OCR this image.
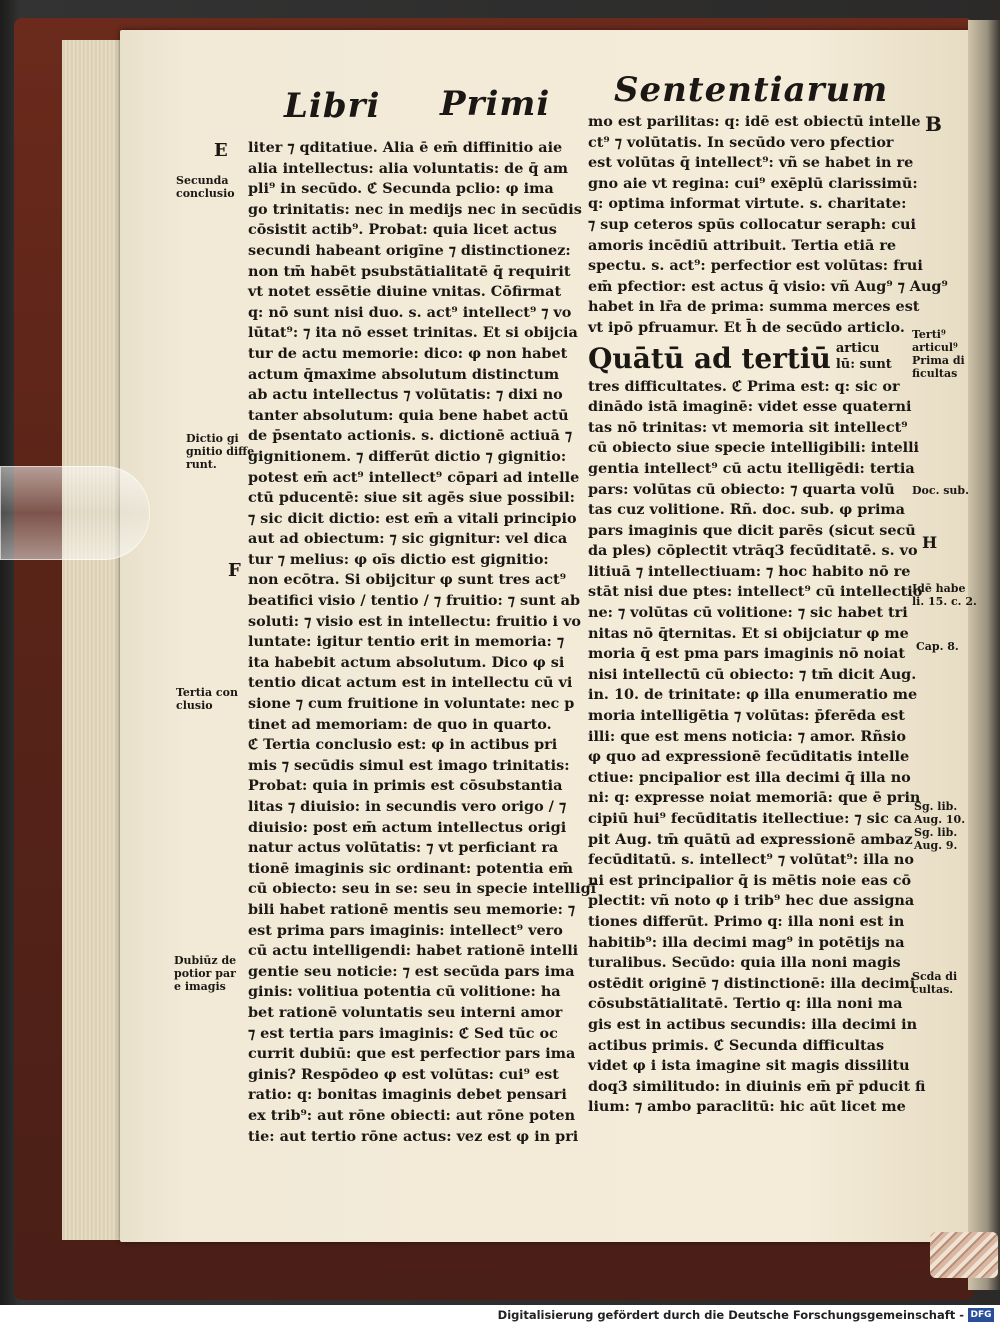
Libri Primi Sententiarum
B
E
F
Secunda
conclusio
Dictio gi
gnitio diffe
runt.
Tertia con
clusio
Dubiūz de
potior par
e imagis
Terti⁹
articul⁹
Prima di
ficultas
Doc. sub.
H
Idē habe
li. 15. c. 2.
Cap. 8.
Sg. lib.
Aug. 10.
Sg. lib.
Aug. 9.
Scda di
cultas.
liter ⁊ qditatiue. Alia ē em̄ diffinitio aie
alia intellectus: alia voluntatis: de q̄ am
pli⁹ in secūdo. ℭ Secunda pclio: φ ima
go trinitatis: nec in medijs nec in secūdis
cōsistit actib⁹. Probat: quia licet actus
secundi habeant origīne ⁊ distinctionez:
non tm̄ habēt psubstātialitatē q̄ requirit
vt notet essētie diuine vnitas. Cōfirmat
q: nō sunt nisi duo. s. act⁹ intellect⁹ ⁊ vo
lūtat⁹: ⁊ ita nō esset trinitas. Et si obijcia
tur de actu memorie: dico: φ non habet
actum q̄maxime absolutum distinctum
ab actu intellectus ⁊ volūtatis: ⁊ dixi no
tanter absolutum: quia bene habet actū
de p̄sentato actionis. s. dictionē actiuā ⁊
gignitionem. ⁊ differūt dictio ⁊ gignitio:
potest em̄ act⁹ intellect⁹ cōpari ad intelle
ctū pducentē: siue sit agēs siue possibil:
⁊ sic dicit dictio: est em̄ a vitali principio
aut ad obiectum: ⁊ sic gignitur: vel dica
tur ⁊ melius: φ oīs dictio est gignitio:
non ecōtra. Si obijcitur φ sunt tres act⁹
beatifici visio / tentio / ⁊ fruitio: ⁊ sunt ab
soluti: ⁊ visio est in intellectu: fruitio i vo
luntate: igitur tentio erit in memoria: ⁊
ita habebit actum absolutum. Dico φ si
tentio dicat actum est in intellectu cū vi
sione ⁊ cum fruitione in voluntate: nec p
tinet ad memoriam: de quo in quarto.
ℭ Tertia conclusio est: φ in actibus pri
mis ⁊ secūdis simul est imago trinitatis:
Probat: quia in primis est cōsubstantia
litas ⁊ diuisio: in secundis vero origo / ⁊
diuisio: post em̄ actum intellectus origi
natur actus volūtatis: ⁊ vt perficiant ra
tionē imaginis sic ordinant: potentia em̄
cū obiecto: seu in se: seu in specie intelligi
bili habet rationē mentis seu memorie: ⁊
est prima pars imaginis: intellect⁹ vero
cū actu intelligendi: habet rationē intelli
gentie seu noticie: ⁊ est secūda pars ima
ginis: volitiua potentia cū volitione: ha
bet rationē voluntatis seu interni amor
⁊ est tertia pars imaginis: ℭ Sed tūc oc
currit dubiū: que est perfectior pars ima
ginis? Respōdeo φ est volūtas: cui⁹ est
ratio: q: bonitas imaginis debet pensari
ex trib⁹: aut rōne obiecti: aut rōne poten
tie: aut tertio rōne actus: vez est φ in pri
mo est parilitas: q: idē est obiectū intelle
ct⁹ ⁊ volūtatis. In secūdo vero pfectior
est volūtas q̄ intellect⁹: vñ se habet in re
gno aie vt regina: cui⁹ exēplū clarissimū:
q: optima informat virtute. s. charitate:
⁊ sup ceteros spūs collocatur seraph: cui
amoris incēdiū attribuit. Tertia etiā re
spectu. s. act⁹: perfectior est volūtas: frui
em̄ pfectior: est actus q̄ visio: vñ Aug⁹ ⁊ Aug⁹
habet in lr̄a de prima: summa merces est
vt ipō pfruamur. Et h̄ de secūdo articlo.
Quātū ad tertiū articu
lū: sunt
tres difficultates. ℭ Prima est: q: sic or
dinādo istā imaginē: videt esse quaterni
tas nō trinitas: vt memoria sit intellect⁹
cū obiecto siue specie intelligibili: intelli
gentia intellect⁹ cū actu itelligēdi: tertia
pars: volūtas cū obiecto: ⁊ quarta volū
tas cuz volitione. Rñ. doc. sub. φ prima
pars imaginis que dicit parēs (sicut secū
da ples) cōplectit vtrāq3 fecūditatē. s. vo
litiuā ⁊ intellectiuam: ⁊ hoc habito nō re
stāt nisi due ptes: intellect⁹ cū intellectio
ne: ⁊ volūtas cū volitione: ⁊ sic habet tri
nitas nō q̄ternitas. Et si obijciatur φ me
moria q̄ est pma pars imaginis nō noiat
nisi intellectū cū obiecto: ⁊ tm̄ dicit Aug.
in. 10. de trinitate: φ illa enumeratio me
moria intelligētia ⁊ volūtas: p̄ferēda est
illi: que est mens noticia: ⁊ amor. Rñsio
φ quo ad expressionē fecūditatis intelle
ctiue: pncipalior est illa decimi q̄ illa no
ni: q: expresse noiat memoriā: que ē prin
cipiū hui⁹ fecūditatis itellectiue: ⁊ sic ca
pit Aug. tm̄ quātū ad expressionē ambaz
fecūditatū. s. intellect⁹ ⁊ volūtat⁹: illa no
ni est principalior q̄ is mētis noie eas cō
plectit: vñ noto φ i trib⁹ hec due assigna
tiones differūt. Primo q: illa noni est in
habitib⁹: illa decimi mag⁹ in potētijs na
turalibus. Secūdo: quia illa noni magis
ostēdit originē ⁊ distinctionē: illa decimi
cōsubstātialitatē. Tertio q: illa noni ma
gis est in actibus secundis: illa decimi in
actibus primis. ℭ Secunda difficultas
videt φ i ista imagine sit magis dissilitu
doq3 similitudo: in diuinis em̄ pr̄ pducit fi
lium: ⁊ ambo paraclitū: hic aūt licet me
Digitalisierung gefördert durch die Deutsche Forschungsgemeinschaft - DFG
